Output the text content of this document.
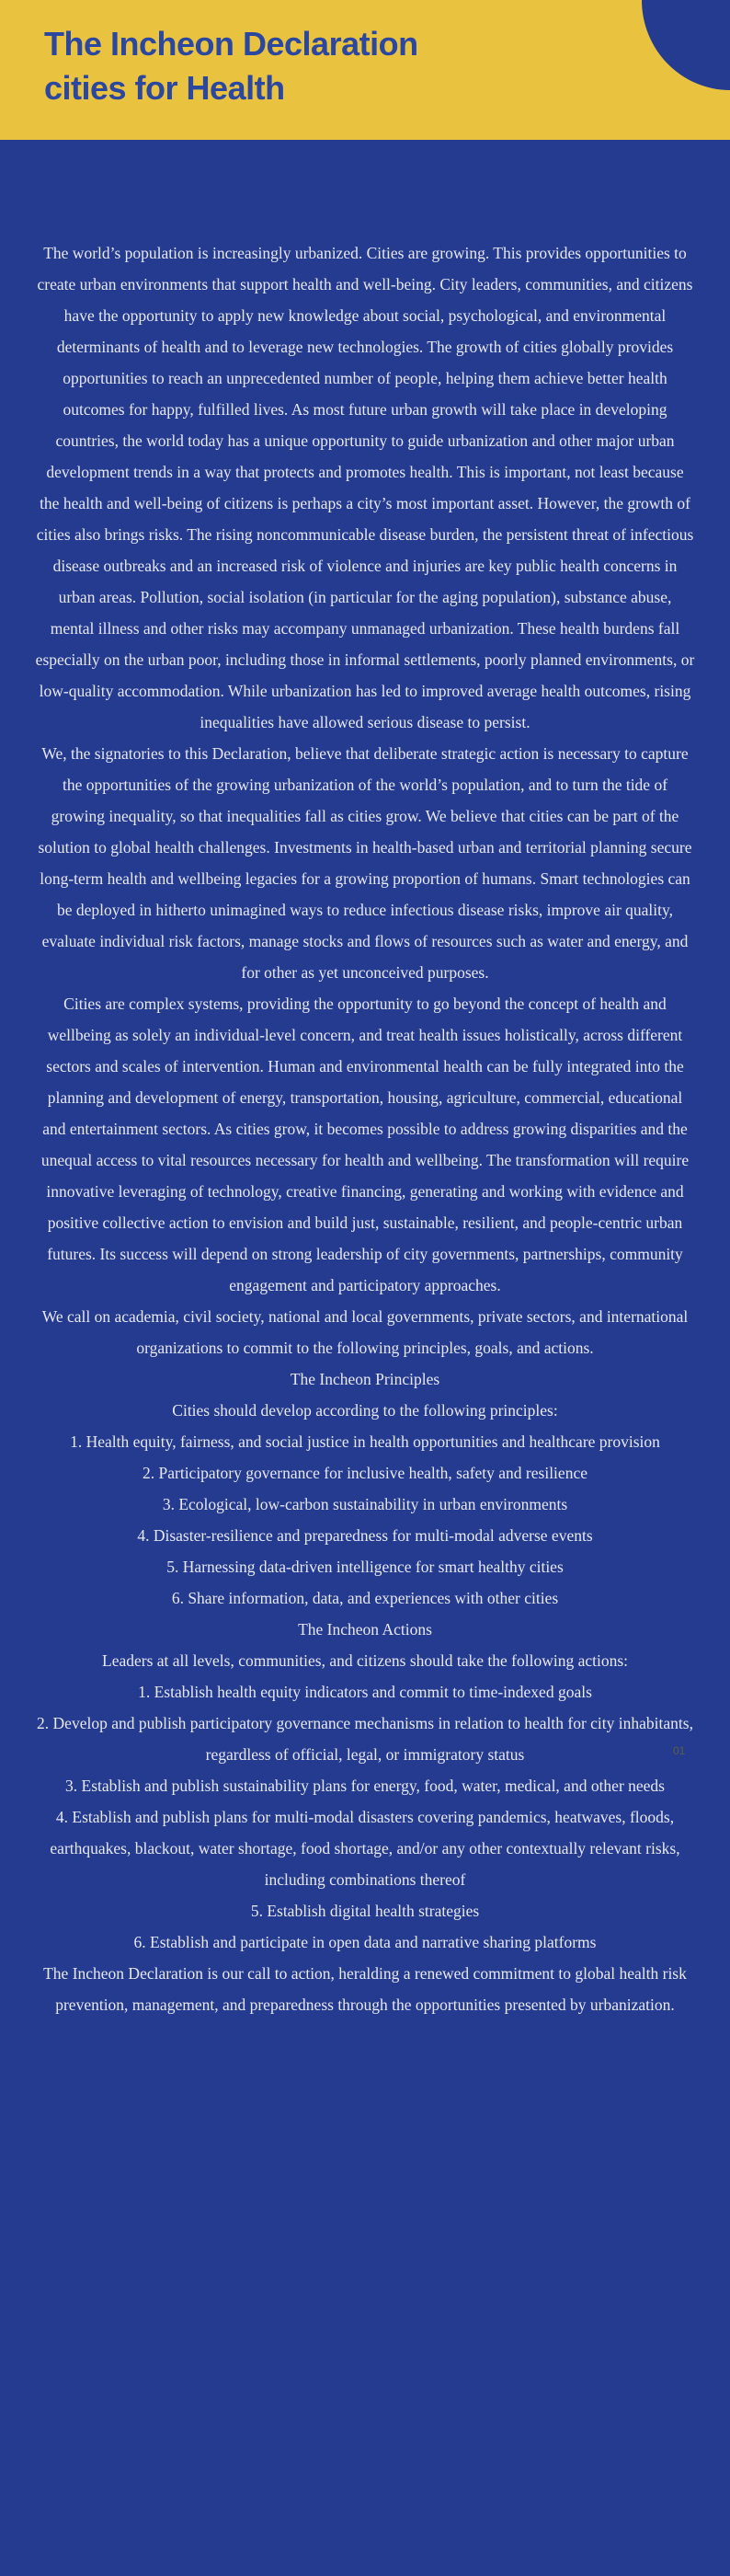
The Incheon Declaration
cities for Health

The world’s population is increasingly urbanized. Cities are growing. This provides opportunities to create urban environments that support health and well-being. City leaders, communities, and citizens have the opportunity to apply new knowledge about social, psychological, and environmental determinants of health and to leverage new technologies. The growth of cities globally provides opportunities to reach an unprecedented number of people, helping them achieve better health outcomes for happy, fulfilled lives. As most future urban growth will take place in developing countries, the world today has a unique opportunity to guide urbanization and other major urban development trends in a way that protects and promotes health. This is important, not least because the health and well-being of citizens is perhaps a city’s most important asset. However, the growth of cities also brings risks. The rising noncommunicable disease burden, the persistent threat of infectious disease outbreaks and an increased risk of violence and injuries are key public health concerns in urban areas. Pollution, social isolation (in particular for the aging population), substance abuse, mental illness and other risks may accompany unmanaged urbanization. These health burdens fall especially on the urban poor, including those in informal settlements, poorly planned environments, or low-quality accommodation. While urbanization has led to improved average health outcomes, rising inequalities have allowed serious disease to persist.

We, the signatories to this Declaration, believe that deliberate strategic action is necessary to capture the opportunities of the growing urbanization of the world’s population, and to turn the tide of growing inequality, so that inequalities fall as cities grow. We believe that cities can be part of the solution to global health challenges. Investments in health-based urban and territorial planning secure long-term health and wellbeing legacies for a growing proportion of humans. Smart technologies can be deployed in hitherto unimagined ways to reduce infectious disease risks, improve air quality, evaluate individual risk factors, manage stocks and flows of resources such as water and energy, and for other as yet unconceived purposes.

Cities are complex systems, providing the opportunity to go beyond the concept of health and wellbeing as solely an individual-level concern, and treat health issues holistically, across different sectors and scales of intervention. Human and environmental health can be fully integrated into the planning and development of energy, transportation, housing, agriculture, commercial, educational and entertainment sectors. As cities grow, it becomes possible to address growing disparities and the unequal access to vital resources necessary for health and wellbeing. The transformation will require innovative leveraging of technology, creative financing, generating and working with evidence and positive collective action to envision and build just, sustainable, resilient, and people-centric urban futures. Its success will depend on strong leadership of city governments, partnerships, community engagement and participatory approaches.

We call on academia, civil society, national and local governments, private sectors, and international organizations to commit to the following principles, goals, and actions.

The Incheon Principles

Cities should develop according to the following principles:

1. Health equity, fairness, and social justice in health opportunities and healthcare provision

2. Participatory governance for inclusive health, safety and resilience

3. Ecological, low-carbon sustainability in urban environments

4. Disaster-resilience and preparedness for multi-modal adverse events

5. Harnessing data-driven intelligence for smart healthy cities

6. Share information, data, and experiences with other cities

The Incheon Actions

Leaders at all levels, communities, and citizens should take the following actions:

1. Establish health equity indicators and commit to time-indexed goals

2. Develop and publish participatory governance mechanisms in relation to health for city inhabitants, regardless of official, legal, or immigratory status

3. Establish and publish sustainability plans for energy, food, water, medical, and other needs

4. Establish and publish plans for multi-modal disasters covering pandemics, heatwaves, floods, earthquakes, blackout, water shortage, food shortage, and/or any other contextually relevant risks, including combinations thereof

5. Establish digital health strategies

6. Establish and participate in open data and narrative sharing platforms

The Incheon Declaration is our call to action, heralding a renewed commitment to global health risk prevention, management, and preparedness through the opportunities presented by urbanization.

01
